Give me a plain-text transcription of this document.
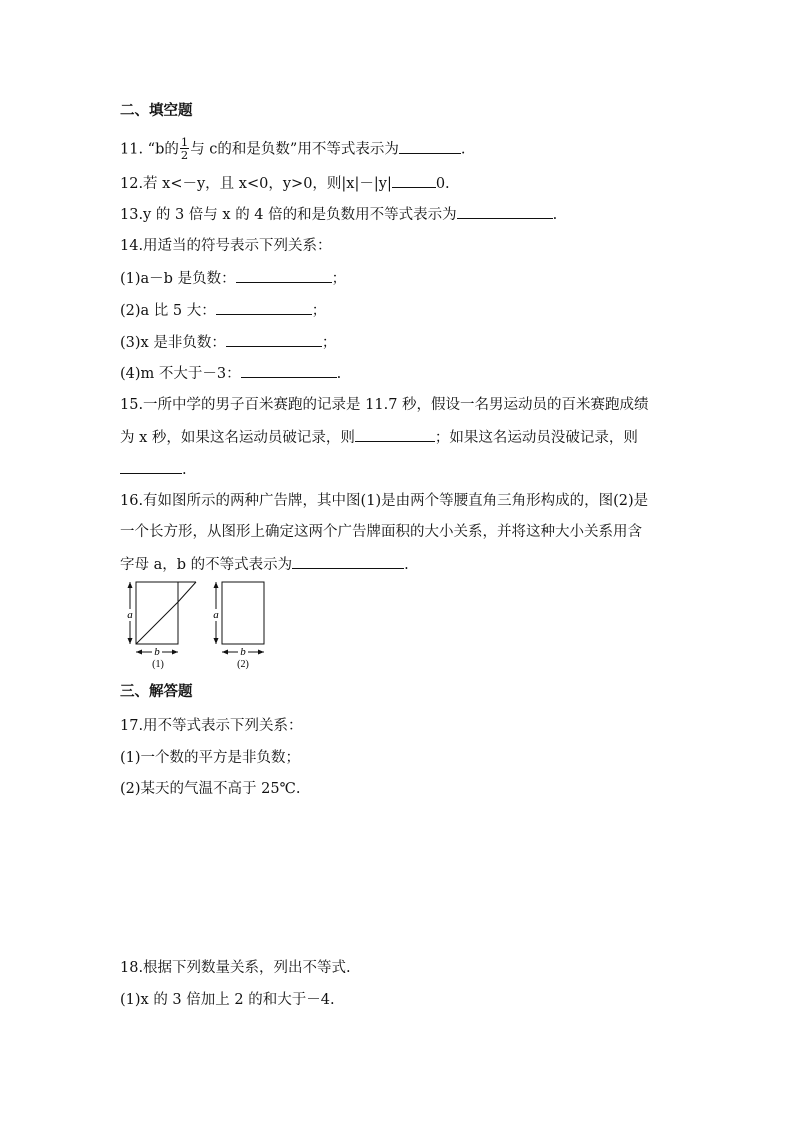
二、填空题
11. “b的 $\frac{1}{2}$ 与 c的和是负数”用不等式表示为	.
12.若 x<－y，且 x<0，y>0，则|x|－|y|	0.
13.y 的 3 倍与 x 的 4 倍的和是负数用不等式表示为	.
14.用适当的符号表示下列关系：
(1)a－b 是负数：	；
(2)a 比 5 大：	；
(3)x 是非负数：	；
(4)m 不大于－3：	.
15.一所中学的男子百米赛跑的记录是 11.7 秒，假设一名男运动员的百米赛跑成绩
为 x 秒，如果这名运动员破记录，则	；如果这名运动员没破记录，则
.
16.有如图所示的两种广告牌，其中图(1)是由两个等腰直角三角形构成的，图(2)是
一个长方形，从图形上确定这两个广告牌面积的大小关系，并将这种大小关系用含
字母 a，b 的不等式表示为	.
a
b
(1)
a
b
(2)
三、解答题
17.用不等式表示下列关系：
(1)一个数的平方是非负数；
(2)某天的气温不高于 25℃.
18.根据下列数量关系，列出不等式.
(1)x 的 3 倍加上 2 的和大于－4.
